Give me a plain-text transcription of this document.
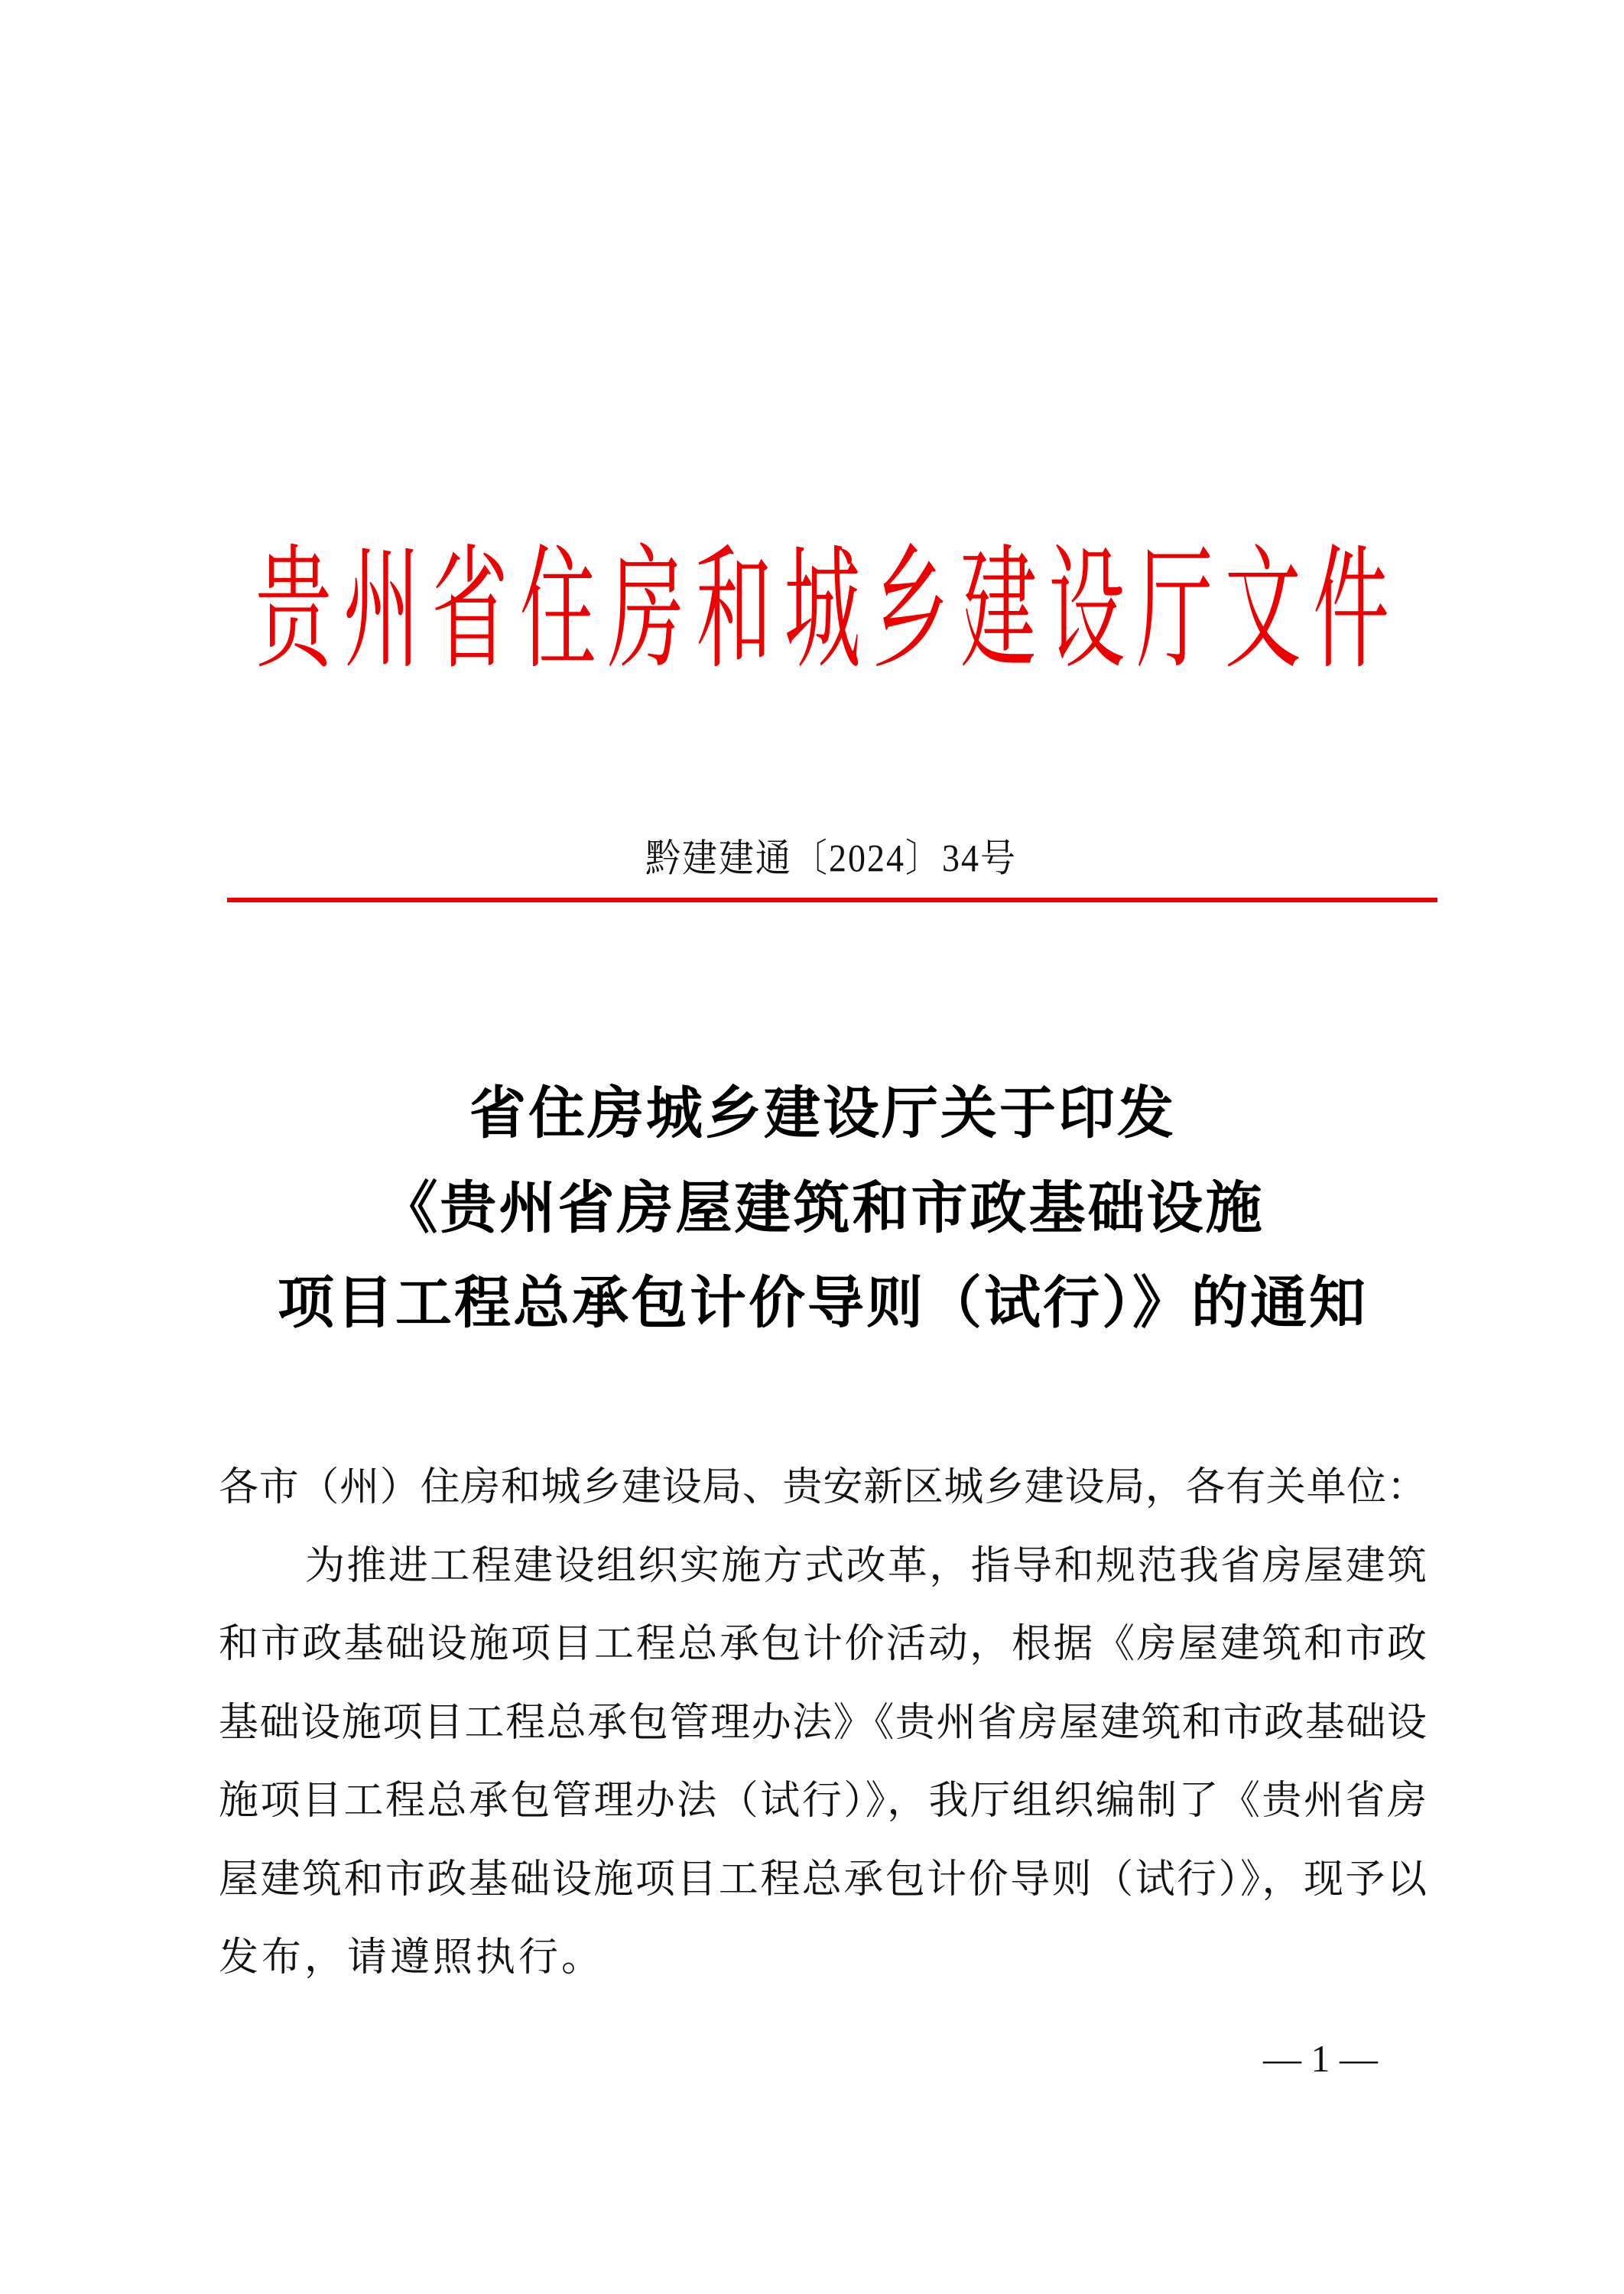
贵 州 省 住 房 和 城 乡 建 设 厅 文 件
黔建建通〔2024〕34号
省住房城乡建设厅关于印发
《贵州省房屋建筑和市政基础设施
项目工程总承包计价导则（试行）》的通知
各市（州）住房和城乡建设局、贵安新区城乡建设局，各有关单位：
为推进工程建设组织实施方式改革，指导和规范我省房屋建筑
和市政基础设施项目工程总承包计价活动，根据《房屋建筑和市政
基础设施项目工程总承包管理办法》《贵州省房屋建筑和市政基础设
施项目工程总承包管理办法（试行）》，我厅组织编制了《贵州省房
屋建筑和市政基础设施项目工程总承包计价导则（试行）》，现予以
发布，请遵照执行。
— 1 —
